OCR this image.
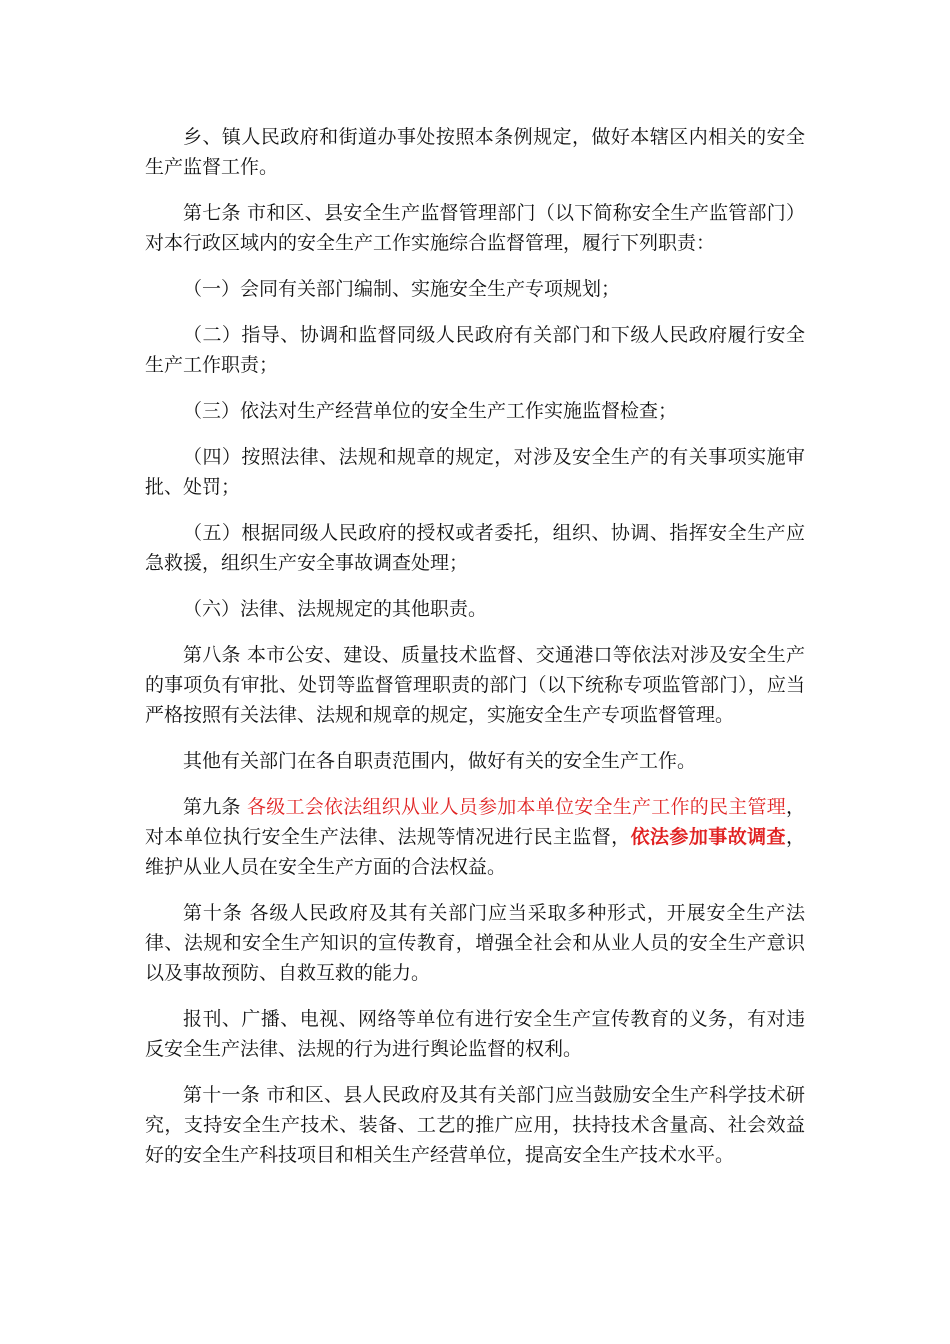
乡、镇人民政府和街道办事处按照本条例规定，做好本辖区内相关的安全生产监督工作。

第七条 市和区、县安全生产监督管理部门（以下简称安全生产监管部门）对本行政区域内的安全生产工作实施综合监督管理，履行下列职责：

（一）会同有关部门编制、实施安全生产专项规划；

（二）指导、协调和监督同级人民政府有关部门和下级人民政府履行安全生产工作职责；

（三）依法对生产经营单位的安全生产工作实施监督检查；

（四）按照法律、法规和规章的规定，对涉及安全生产的有关事项实施审批、处罚；

（五）根据同级人民政府的授权或者委托，组织、协调、指挥安全生产应急救援，组织生产安全事故调查处理；

（六）法律、法规规定的其他职责。

第八条 本市公安、建设、质量技术监督、交通港口等依法对涉及安全生产的事项负有审批、处罚等监督管理职责的部门（以下统称专项监管部门），应当严格按照有关法律、法规和规章的规定，实施安全生产专项监督管理。

其他有关部门在各自职责范围内，做好有关的安全生产工作。

第九条 各级工会依法组织从业人员参加本单位安全生产工作的民主管理，对本单位执行安全生产法律、法规等情况进行民主监督，依法参加事故调查，维护从业人员在安全生产方面的合法权益。

第十条 各级人民政府及其有关部门应当采取多种形式，开展安全生产法律、法规和安全生产知识的宣传教育，增强全社会和从业人员的安全生产意识以及事故预防、自救互救的能力。

报刊、广播、电视、网络等单位有进行安全生产宣传教育的义务，有对违反安全生产法律、法规的行为进行舆论监督的权利。

第十一条 市和区、县人民政府及其有关部门应当鼓励安全生产科学技术研究，支持安全生产技术、装备、工艺的推广应用，扶持技术含量高、社会效益好的安全生产科技项目和相关生产经营单位，提高安全生产技术水平。
